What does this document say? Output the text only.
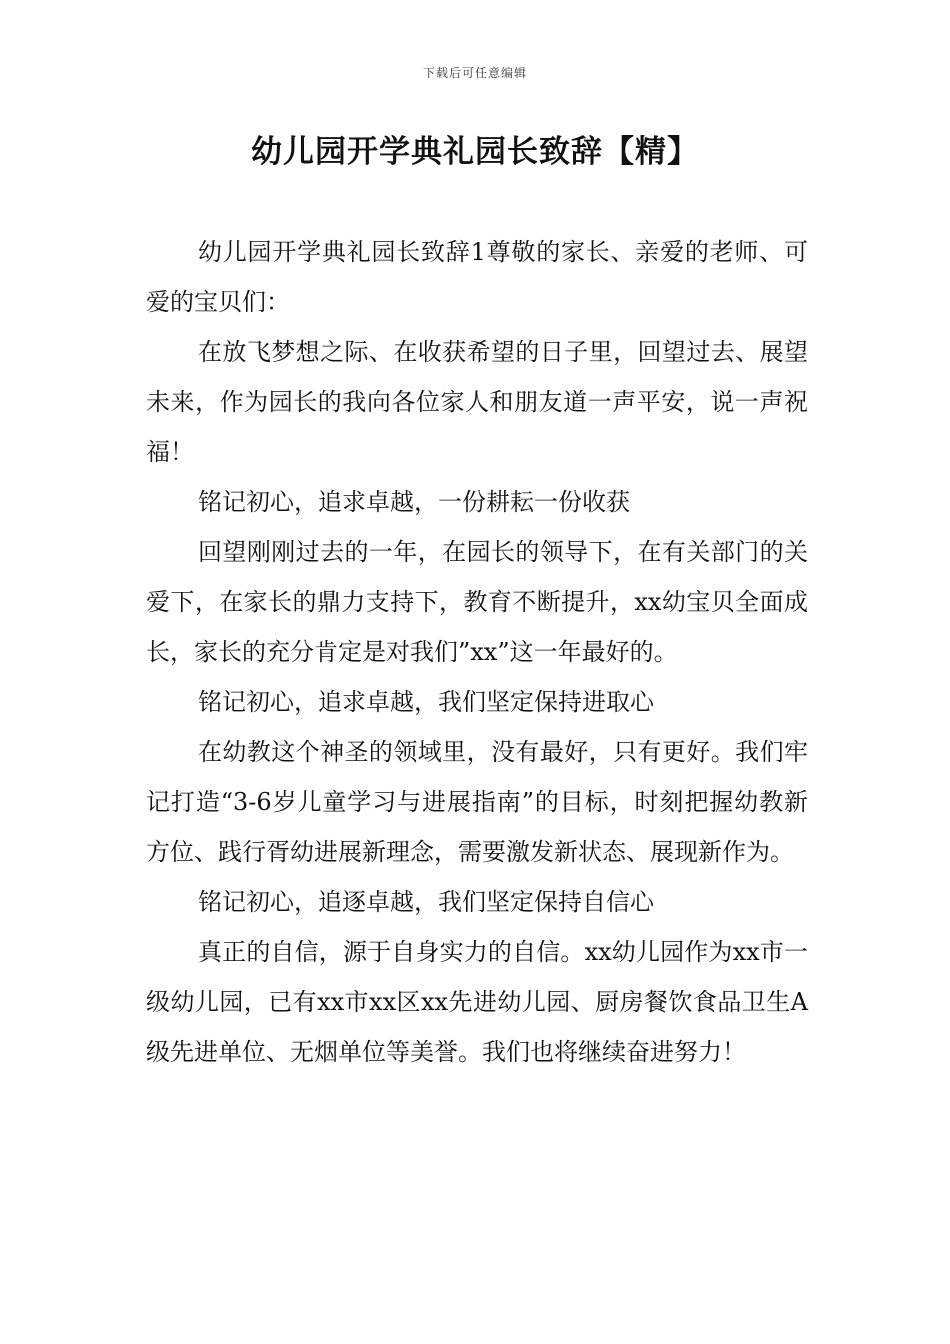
下载后可任意编辑
幼儿园开学典礼园长致辞【精】

幼儿园开学典礼园长致辞1尊敬的家长、亲爱的老师、可爱的宝贝们：

在放飞梦想之际、在收获希望的日子里，回望过去、展望未来，作为园长的我向各位家人和朋友道一声平安，说一声祝福！

铭记初心，追求卓越，一份耕耘一份收获

回望刚刚过去的一年，在园长的领导下，在有关部门的关爱下，在家长的鼎力支持下，教育不断提升，xx幼宝贝全面成长，家长的充分肯定是对我们”xx”这一年最好的。

铭记初心，追求卓越，我们坚定保持进取心

在幼教这个神圣的领域里，没有最好，只有更好。我们牢记打造“3-6岁儿童学习与进展指南”的目标，时刻把握幼教新方位、践行胥幼进展新理念，需要激发新状态、展现新作为。

铭记初心，追逐卓越，我们坚定保持自信心

真正的自信，源于自身实力的自信。xx幼儿园作为xx市一级幼儿园，已有xx市xx区xx先进幼儿园、厨房餐饮食品卫生A级先进单位、无烟单位等美誉。我们也将继续奋进努力！
